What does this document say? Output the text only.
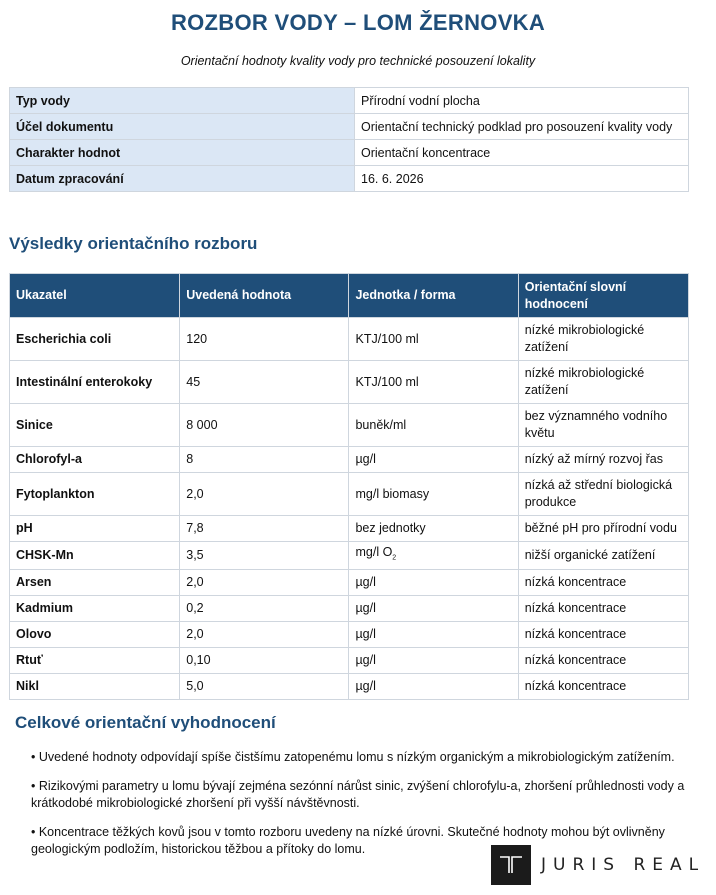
ROZBOR VODY – LOM ŽERNOVKA
Orientační hodnoty kvality vody pro technické posouzení lokality
Typ vody	Přírodní vodní plocha
Účel dokumentu	Orientační technický podklad pro posouzení kvality vody
Charakter hodnot	Orientační koncentrace
Datum zpracování	16. 6. 2026
Výsledky orientačního rozboru
Ukazatel	Uvedená hodnota	Jednotka / forma	Orientační slovní hodnocení
Escherichia coli	120	KTJ/100 ml	nízké mikrobiologické zatížení
Intestinální enterokoky	45	KTJ/100 ml	nízké mikrobiologické zatížení
Sinice	8 000	buněk/ml	bez významného vodního květu
Chlorofyl-a	8	µg/l	nízký až mírný rozvoj řas
Fytoplankton	2,0	mg/l biomasy	nízká až střední biologická produkce
pH	7,8	bez jednotky	běžné pH pro přírodní vodu
CHSK-Mn	3,5	mg/l $O_2$	nižší organické zatížení
Arsen	2,0	µg/l	nízká koncentrace
Kadmium	0,2	µg/l	nízká koncentrace
Olovo	2,0	µg/l	nízká koncentrace
Rtuť	0,10	µg/l	nízká koncentrace
Nikl	5,0	µg/l	nízká koncentrace
Celkové orientační vyhodnocení

• Uvedené hodnoty odpovídají spíše čistšímu zatopenému lomu s nízkým organickým a mikrobiologickým zatížením.

• Rizikovými parametry u lomu bývají zejména sezónní nárůst sinic, zvýšení chlorofylu-a, zhoršení průhlednosti vody a krátkodobé mikrobiologické zhoršení při vyšší návštěvnosti.

• Koncentrace těžkých kovů jsou v tomto rozboru uvedeny na nízké úrovni. Skutečné hodnoty mohou být ovlivněny geologickým podložím, historickou těžbou a přítoky do lomu.

JURIS REAL
